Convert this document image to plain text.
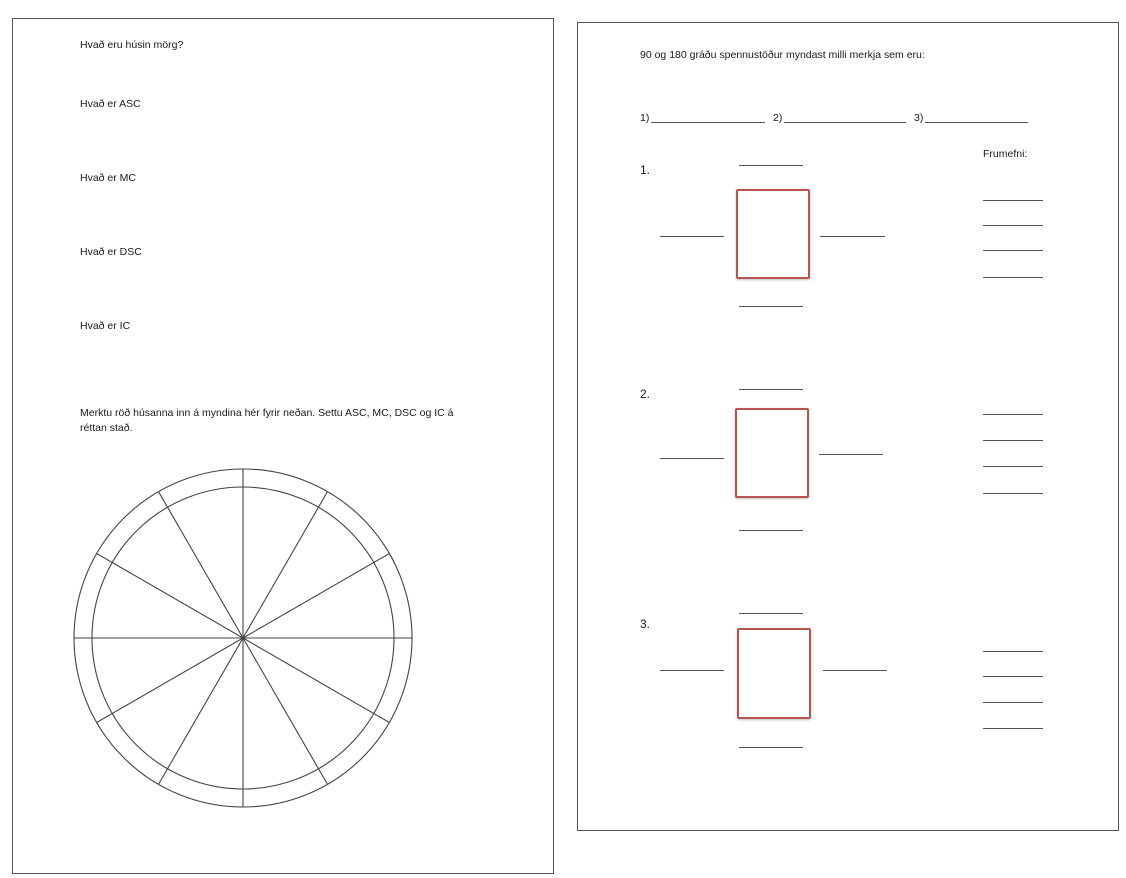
Hvað eru húsin mörg?
Hvað er ASC
Hvað er MC
Hvað er DSC
Hvað er IC
Merktu röð húsanna inn á myndina hér fyrir neðan. Settu ASC, MC, DSC og IC á
réttan stað.
90 og 180 gráðu spennustöður myndast milli merkja sem eru:
1)	2)	3)
Frumefni:
1.
2.
3.
